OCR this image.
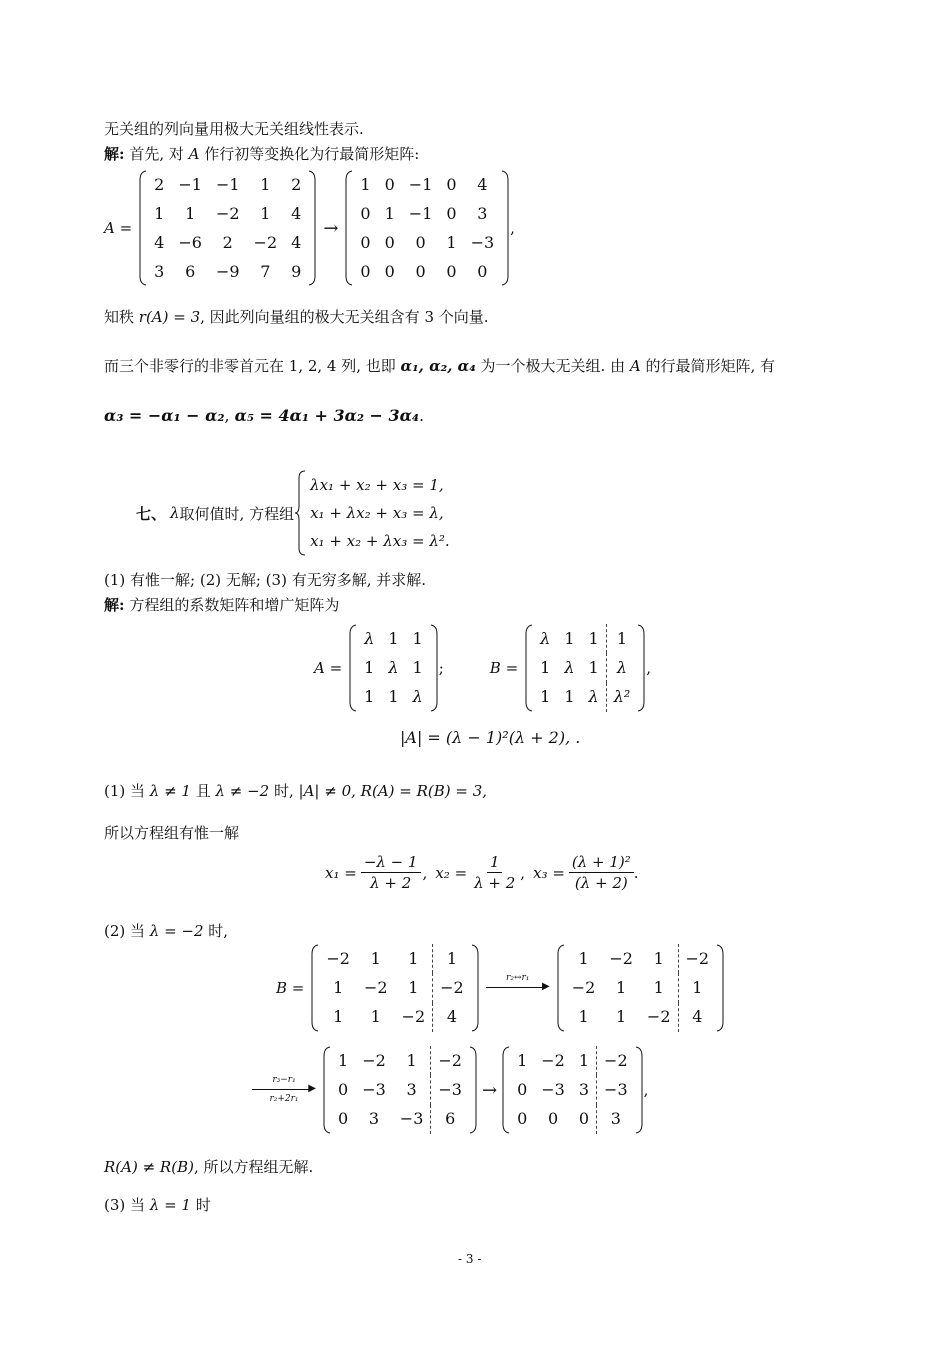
无关组的列向量用极大无关组线性表示.
解: 首先, 对 A 作行初等变换化为行最简形矩阵:
A =
2	−1	−1	1	2
1	1	−2	1	4
4	−6	2	−2	4
3	6	−9	7	9
→
1	0	−1	0	4
0	1	−1	0	3
0	0	0	1	−3
0	0	0	0	0
,
知秩 r(A) = 3, 因此列向量组的极大无关组含有 3 个向量.
而三个非零行的非零首元在 1, 2, 4 列, 也即 α₁, α₂, α₄ 为一个极大无关组. 由 A 的行最简形矩阵, 有
α₃ = −α₁ − α₂, α₅ = 4α₁ + 3α₂ − 3α₄.
七、 λ 取何值时, 方程组
λx₁ + x₂ + x₃ = 1,
x₁ + λx₂ + x₃ = λ,
x₁ + x₂ + λx₃ = λ².
(1) 有惟一解; (2) 无解; (3) 有无穷多解, 并求解.
解: 方程组的系数矩阵和增广矩阵为
A =
λ	1	1
1	λ	1
1	1	λ
;	B =
λ	1	1	1
1	λ	1	λ
1	1	λ	λ²
,
|A| = (λ − 1)²(λ + 2), .
(1) 当 λ ≠ 1 且 λ ≠ −2 时, |A| ≠ 0, R(A) = R(B) = 3,
所以方程组有惟一解
$x_1 = \frac{-\lambda - 1}{\lambda + 2}$ , $x_2 = \frac{1}{\lambda + 2}$ , $x_3 = \frac{\text{(λ + 1)²}}{(\lambda + 2)}$ .
(2) 当 λ = −2 时,
B =
−2	1	1	1
1	−2	1	−2
1	1	−2	4
r₂↔r₁
▶
1	−2	1	−2
−2	1	1	1
1	1	−2	4
r₃−r₁
▶
r₂+2r₁
1	−2	1	−2
0	−3	3	−3
0	3	−3	6
→
1	−2	1	−2
0	−3	3	−3
0	0	0	3
,
R(A) ≠ R(B), 所以方程组无解.
(3) 当 λ = 1 时
- 3 -
